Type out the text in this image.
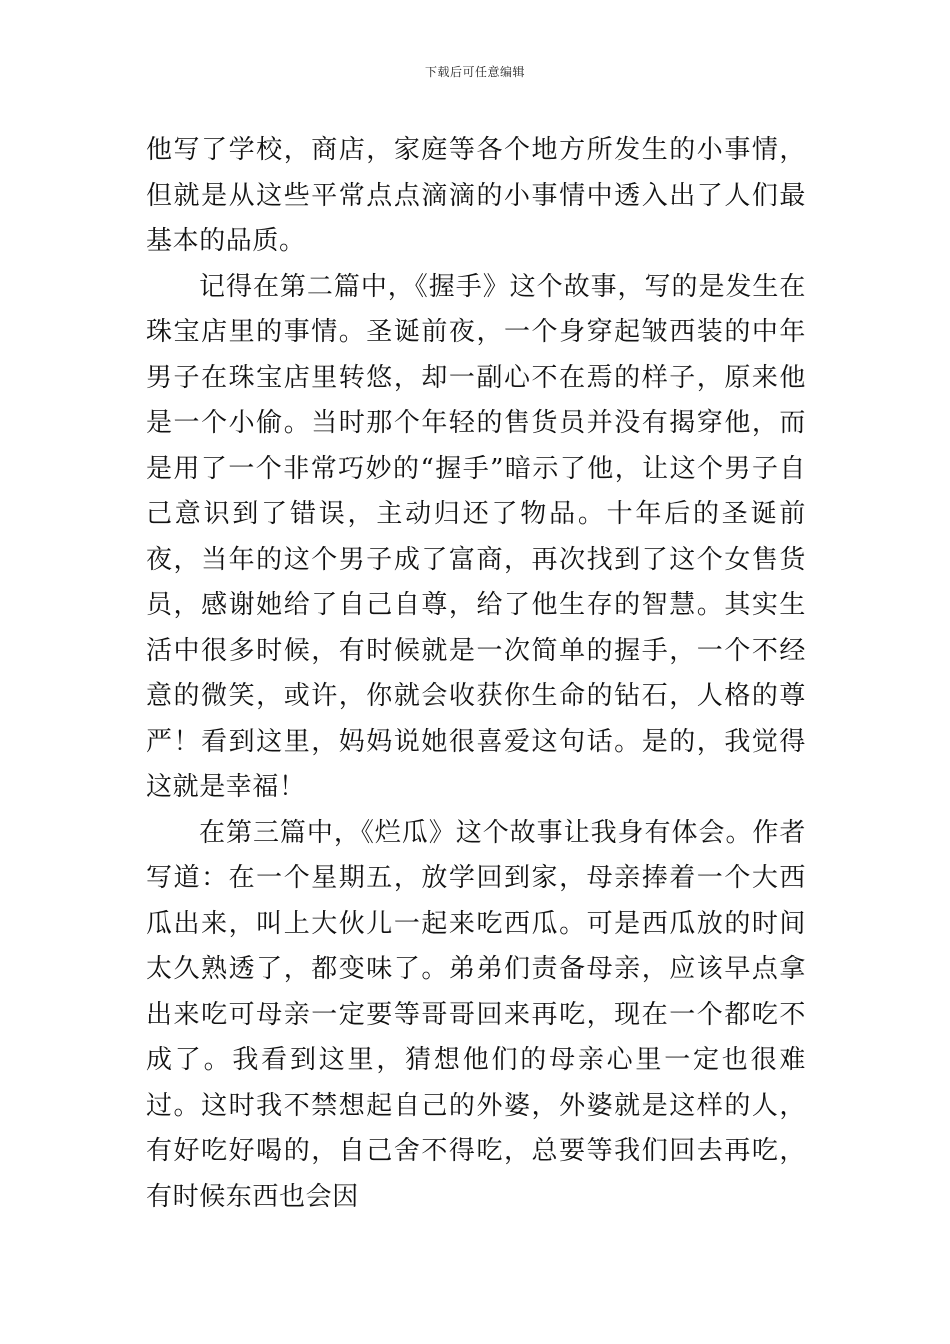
下载后可任意编辑

他写了学校，商店，家庭等各个地方所发生的小事情，但就是从这些平常点点滴滴的小事情中透入出了人们最基本的品质。

记得在第二篇中，《握手》这个故事，写的是发生在珠宝店里的事情。圣诞前夜，一个身穿起皱西装的中年男子在珠宝店里转悠，却一副心不在焉的样子，原来他是一个小偷。当时那个年轻的售货员并没有揭穿他，而是用了一个非常巧妙的“握手”暗示了他，让这个男子自己意识到了错误，主动归还了物品。十年后的圣诞前夜，当年的这个男子成了富商，再次找到了这个女售货员，感谢她给了自己自尊，给了他生存的智慧。其实生活中很多时候，有时候就是一次简单的握手，一个不经意的微笑，或许，你就会收获你生命的钻石，人格的尊严！看到这里，妈妈说她很喜爱这句话。是的，我觉得这就是幸福！

在第三篇中，《烂瓜》这个故事让我身有体会。作者写道：在一个星期五，放学回到家，母亲捧着一个大西瓜出来，叫上大伙儿一起来吃西瓜。可是西瓜放的时间太久熟透了，都变味了。弟弟们责备母亲，应该早点拿出来吃可母亲一定要等哥哥回来再吃，现在一个都吃不成了。我看到这里，猜想他们的母亲心里一定也很难过。这时我不禁想起自己的外婆，外婆就是这样的人，有好吃好喝的，自己舍不得吃，总要等我们回去再吃，有时候东西也会因
